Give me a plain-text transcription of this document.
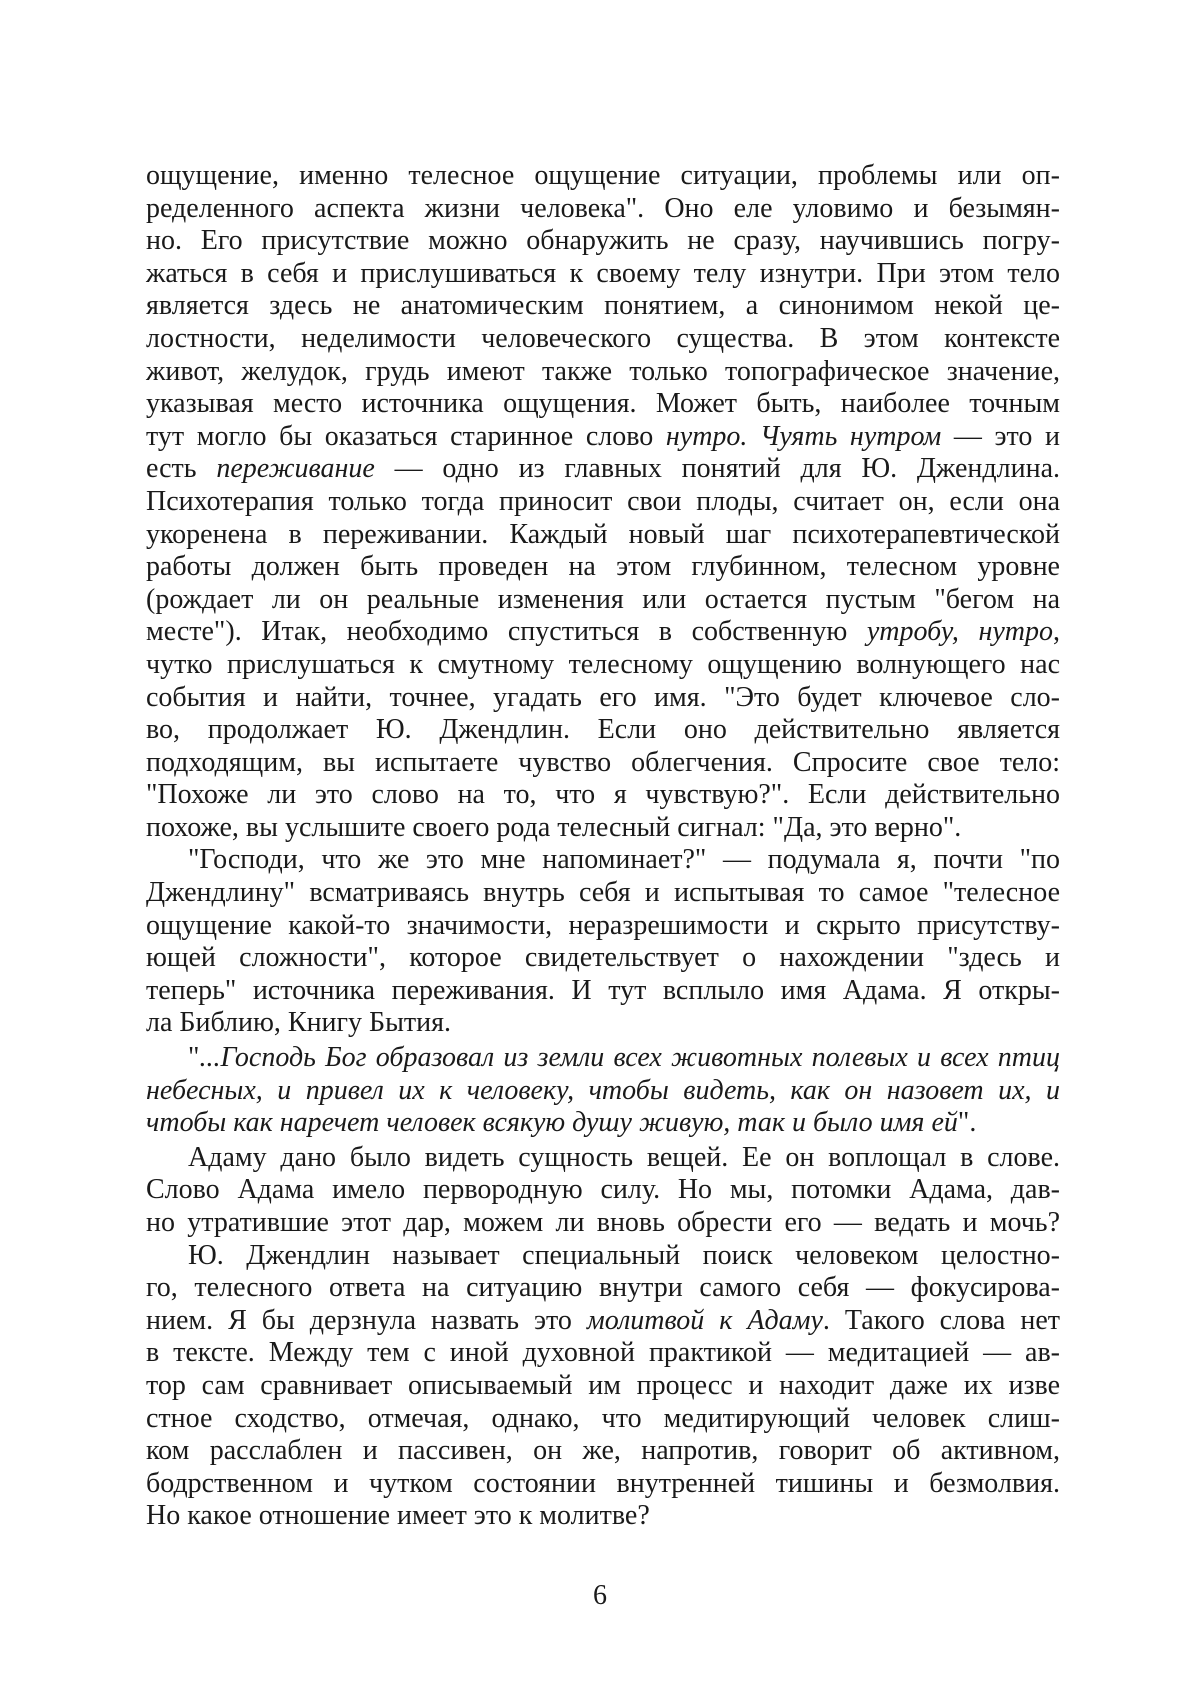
ощущение, именно телесное ощущение ситуации, проблемы или оп-
ределенного аспекта жизни человека". Оно еле уловимо и безымян-
но. Его присутствие можно обнаружить не сразу, научившись погру-
жаться в себя и прислушиваться к своему телу изнутри. При этом тело
является здесь не анатомическим понятием, а синонимом некой це-
лостности, неделимости человеческого существа. В этом контексте
живот, желудок, грудь имеют также только топографическое значение,
указывая место источника ощущения. Может быть, наиболее точным
тут могло бы оказаться старинное слово нутро. Чуять нутром — это и
есть переживание — одно из главных понятий для Ю. Джендлина.
Психотерапия только тогда приносит свои плоды, считает он, если она
укоренена в переживании. Каждый новый шаг психотерапевтической
работы должен быть проведен на этом глубинном, телесном уровне
(рождает ли он реальные изменения или остается пустым "бегом на
месте"). Итак, необходимо спуститься в собственную утробу, нутро,
чутко прислушаться к смутному телесному ощущению волнующего нас
события и найти, точнее, угадать его имя. "Это будет ключевое сло-
во, продолжает Ю. Джендлин. Если оно действительно является
подходящим, вы испытаете чувство облегчения. Спросите свое тело:
"Похоже ли это слово на то, что я чувствую?". Если действительно
похоже, вы услышите своего рода телесный сигнал: "Да, это верно".
"Господи, что же это мне напоминает?" — подумала я, почти "по
Джендлину" всматриваясь внутрь себя и испытывая то самое "телесное
ощущение какой-то значимости, неразрешимости и скрыто присутству-
ющей сложности", которое свидетельствует о нахождении "здесь и
теперь" источника переживания. И тут всплыло имя Адама. Я откры-
ла Библию, Книгу Бытия.
"...Господь Бог образовал из земли всех животных полевых и всех птиц
небесных, и привел их к человеку, чтобы видеть, как он назовет их, и
чтобы как наречет человек всякую душу живую, так и было имя ей".
Адаму дано было видеть сущность вещей. Ее он воплощал в слове.
Слово Адама имело первородную силу. Но мы, потомки Адама, дав-
но утратившие этот дар, можем ли вновь обрести его — ведать и мочь?
Ю. Джендлин называет специальный поиск человеком целостно-
го, телесного ответа на ситуацию внутри самого себя — фокусирова-
нием. Я бы дерзнула назвать это молитвой к Адаму. Такого слова нет
в тексте. Между тем с иной духовной практикой — медитацией — ав-
тор сам сравнивает описываемый им процесс и находит даже их изве
стное сходство, отмечая, однако, что медитирующий человек слиш-
ком расслаблен и пассивен, он же, напротив, говорит об активном,
бодрственном и чутком состоянии внутренней тишины и безмолвия.
Но какое отношение имеет это к молитве?
6
